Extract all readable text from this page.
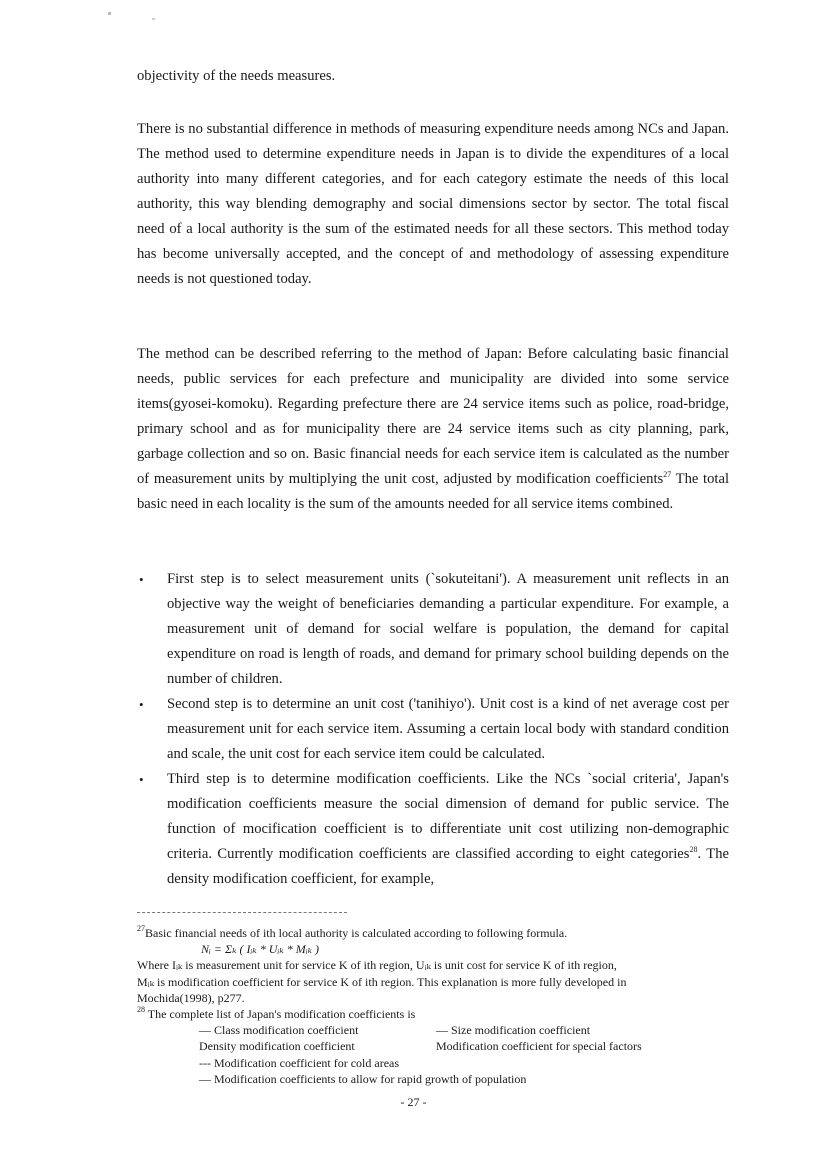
objectivity of the needs measures.

There is no substantial difference in methods of measuring expenditure needs among NCs and Japan. The method used to determine expenditure needs in Japan is to divide the expenditures of a local authority into many different categories, and for each category estimate the needs of this local authority, this way blending demography and social dimensions sector by sector. The total fiscal need of a local authority is the sum of the estimated needs for all these sectors. This method today has become universally accepted, and the concept of and methodology of assessing expenditure needs is not questioned today.

The method can be described referring to the method of Japan: Before calculating basic financial needs, public services for each prefecture and municipality are divided into some service items(gyosei-komoku). Regarding prefecture there are 24 service items such as police, road-bridge, primary school and as for municipality there are 24 service items such as city planning, park, garbage collection and so on. Basic financial needs for each service item is calculated as the number of measurement units by multiplying the unit cost, adjusted by modification coefficients$^{27}$ The total basic need in each locality is the sum of the amounts needed for all service items combined.

• First step is to select measurement units (`sokuteitani'). A measurement unit reflects in an objective way the weight of beneficiaries demanding a particular expenditure. For example, a measurement unit of demand for social welfare is population, the demand for capital expenditure on road is length of roads, and demand for primary school building depends on the number of children.
• Second step is to determine an unit cost ('tanihiyo'). Unit cost is a kind of net average cost per measurement unit for each service item. Assuming a certain local body with standard condition and scale, the unit cost for each service item could be calculated.
• Third step is to determine modification coefficients. Like the NCs `social criteria', Japan's modification coefficients measure the social dimension of demand for public service. The function of mocification coefficient is to differentiate unit cost utilizing non-demographic criteria. Currently modification coefficients are classified according to eight categories$^{28}$. The density modification coefficient, for example,

$^{27}$Basic financial needs of ith local authority is calculated according to following formula.

Nᵢ = Σₖ ( Iᵢₖ * Uᵢₖ * Mᵢₖ )

Where Iᵢₖ is measurement unit for service K of ith region, Uᵢₖ is unit cost for service K of ith region,

Mᵢₖ is modification coefficient for service K of ith region. This explanation is more fully developed in

Mochida(1998), p277.

$^{28}$ The complete list of Japan's modification coefficients is

— Class modification coefficient	— Size modification coefficient
Density modification coefficient	Modification coefficient for special factors
--- Modification coefficient for cold areas
— Modification coefficients to allow for rapid growth of population
- 27 -
